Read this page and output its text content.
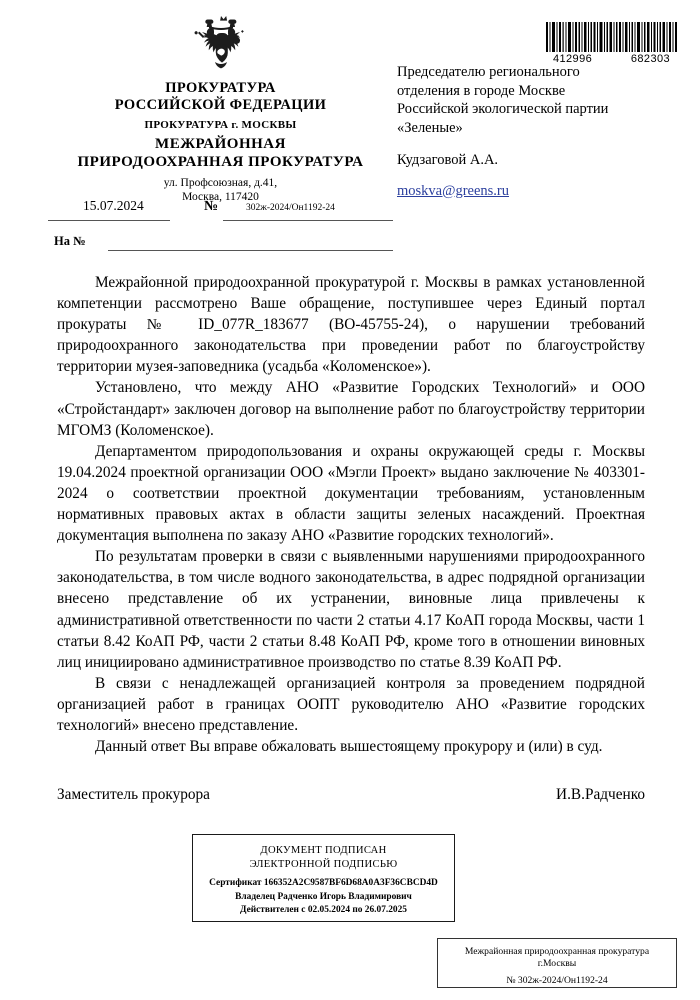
ПРОКУРАТУРА
РОССИЙСКОЙ ФЕДЕРАЦИИ
ПРОКУРАТУРА г. МОСКВЫ
МЕЖРАЙОННАЯ
ПРИРОДООХРАННАЯ ПРОКУРАТУРА
ул. Профсоюзная, д.41,
Москва, 117420
15.07.2024	№	302ж-2024/Он1192-24
На №
412996	682303
Председателю регионального
отделения в городе Москве
Российской экологической партии
«Зеленые»
Кудзаговой А.А.
moskva@greens.ru

Межрайонной природоохранной прокуратурой г. Москвы в рамках установленной компетенции рассмотрено Ваше обращение, поступившее через Единый портал прокураты № ID_077R_183677 (ВО-45755-24), о нарушении требований природоохранного законодательства при проведении работ по благоустройству территории музея-заповедника (усадьба «Коломенское»).

Установлено, что между АНО «Развитие Городских Технологий» и ООО «Стройстандарт» заключен договор на выполнение работ по благоустройству территории МГОМЗ (Коломенское).

Департаментом природопользования и охраны окружающей среды г. Москвы 19.04.2024 проектной организации ООО «Мэгли Проект» выдано заключение № 403301-2024 о соответствии проектной документации требованиям, установленным нормативных правовых актах в области защиты зеленых насаждений. Проектная документация выполнена по заказу АНО «Развитие городских технологий».

По результатам проверки в связи с выявленными нарушениями природоохранного законодательства, в том числе водного законодательства, в адрес подрядной организации внесено представление об их устранении, виновные лица привлечены к административной ответственности по части 2 статьи 4.17 КоАП города Москвы, части 1 статьи 8.42 КоАП РФ, части 2 статьи 8.48 КоАП РФ, кроме того в отношении виновных лиц инициировано административное производство по статье 8.39 КоАП РФ.

В связи с ненадлежащей организацией контроля за проведением подрядной организацией работ в границах ООПТ руководителю АНО «Развитие городских технологий» внесено представление.

Данный ответ Вы вправе обжаловать вышестоящему прокурору и (или) в суд.

Заместитель прокурора	И.В.Радченко
ДОКУМЕНТ ПОДПИСАН
ЭЛЕКТРОННОЙ ПОДПИСЬЮ
Сертификат 166352A2C9587BF6D68A0A3F36CBCD4D
Владелец Радченко Игорь Владимирович
Действителен с 02.05.2024 по 26.07.2025
Межрайонная природоохранная прокуратура
г.Москвы
№ 302ж-2024/Он1192-24
